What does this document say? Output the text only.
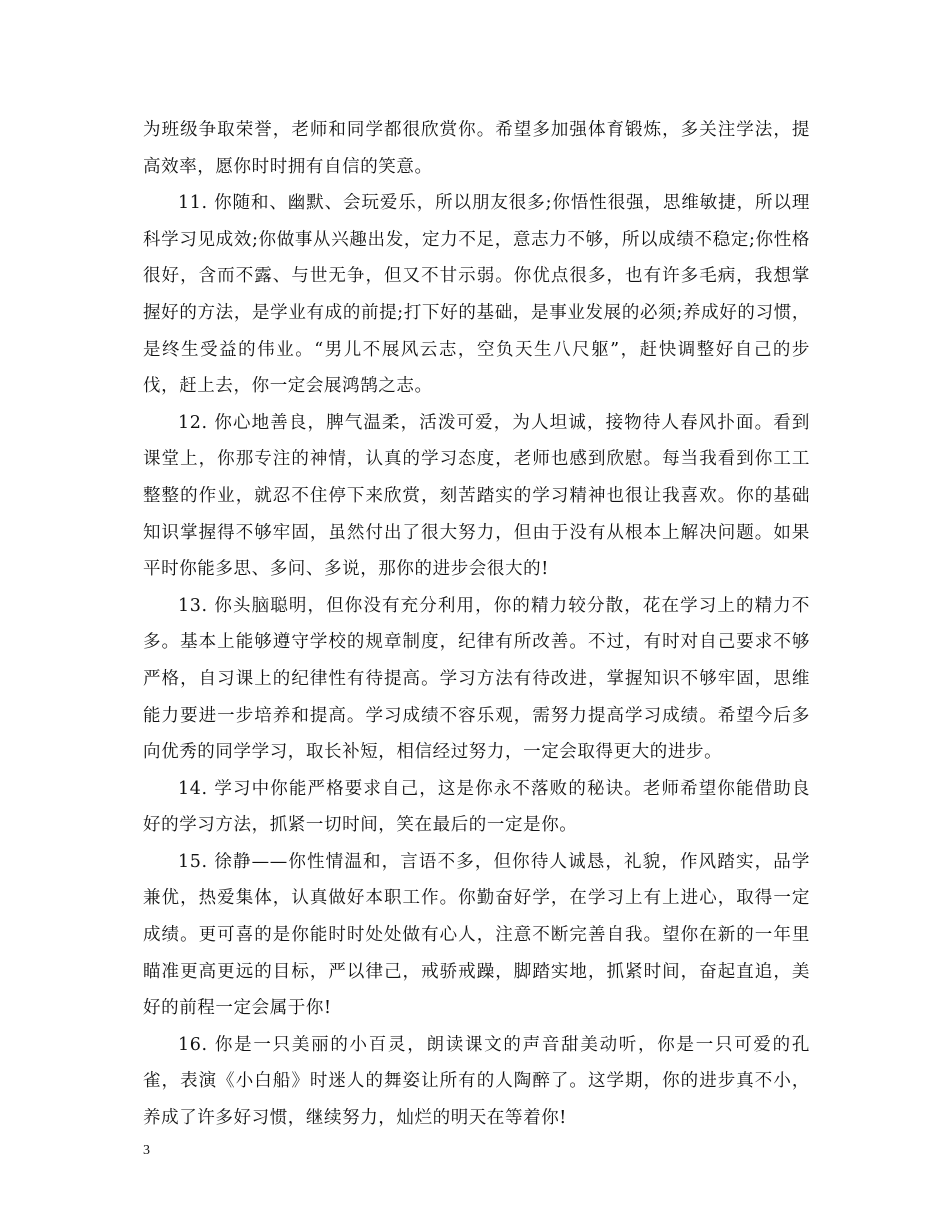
为班级争取荣誉，老师和同学都很欣赏你。希望多加强体育锻炼，多关注学法，提高效率，愿你时时拥有自信的笑意。

11. 你随和、幽默、会玩爱乐，所以朋友很多;你悟性很强，思维敏捷，所以理科学习见成效;你做事从兴趣出发，定力不足，意志力不够，所以成绩不稳定;你性格很好，含而不露、与世无争，但又不甘示弱。你优点很多，也有许多毛病，我想掌握好的方法，是学业有成的前提;打下好的基础，是事业发展的必须;养成好的习惯，是终生受益的伟业。“男儿不展风云志，空负天生八尺躯”，赶快调整好自己的步伐，赶上去，你一定会展鸿鹄之志。

12. 你心地善良，脾气温柔，活泼可爱，为人坦诚，接物待人春风扑面。看到课堂上，你那专注的神情，认真的学习态度，老师也感到欣慰。每当我看到你工工整整的作业，就忍不住停下来欣赏，刻苦踏实的学习精神也很让我喜欢。你的基础知识掌握得不够牢固，虽然付出了很大努力，但由于没有从根本上解决问题。如果平时你能多思、多问、多说，那你的进步会很大的!

13. 你头脑聪明，但你没有充分利用，你的精力较分散，花在学习上的精力不多。基本上能够遵守学校的规章制度，纪律有所改善。不过，有时对自己要求不够严格，自习课上的纪律性有待提高。学习方法有待改进，掌握知识不够牢固，思维能力要进一步培养和提高。学习成绩不容乐观，需努力提高学习成绩。希望今后多向优秀的同学学习，取长补短，相信经过努力，一定会取得更大的进步。

14. 学习中你能严格要求自己，这是你永不落败的秘诀。老师希望你能借助良好的学习方法，抓紧一切时间，笑在最后的一定是你。

15. 徐静——你性情温和，言语不多，但你待人诚恳，礼貌，作风踏实，品学兼优，热爱集体，认真做好本职工作。你勤奋好学，在学习上有上进心，取得一定成绩。更可喜的是你能时时处处做有心人，注意不断完善自我。望你在新的一年里瞄准更高更远的目标，严以律己，戒骄戒躁，脚踏实地，抓紧时间，奋起直追，美好的前程一定会属于你!

16. 你是一只美丽的小百灵，朗读课文的声音甜美动听，你是一只可爱的孔雀，表演《小白船》时迷人的舞姿让所有的人陶醉了。这学期，你的进步真不小，养成了许多好习惯，继续努力，灿烂的明天在等着你!

3
